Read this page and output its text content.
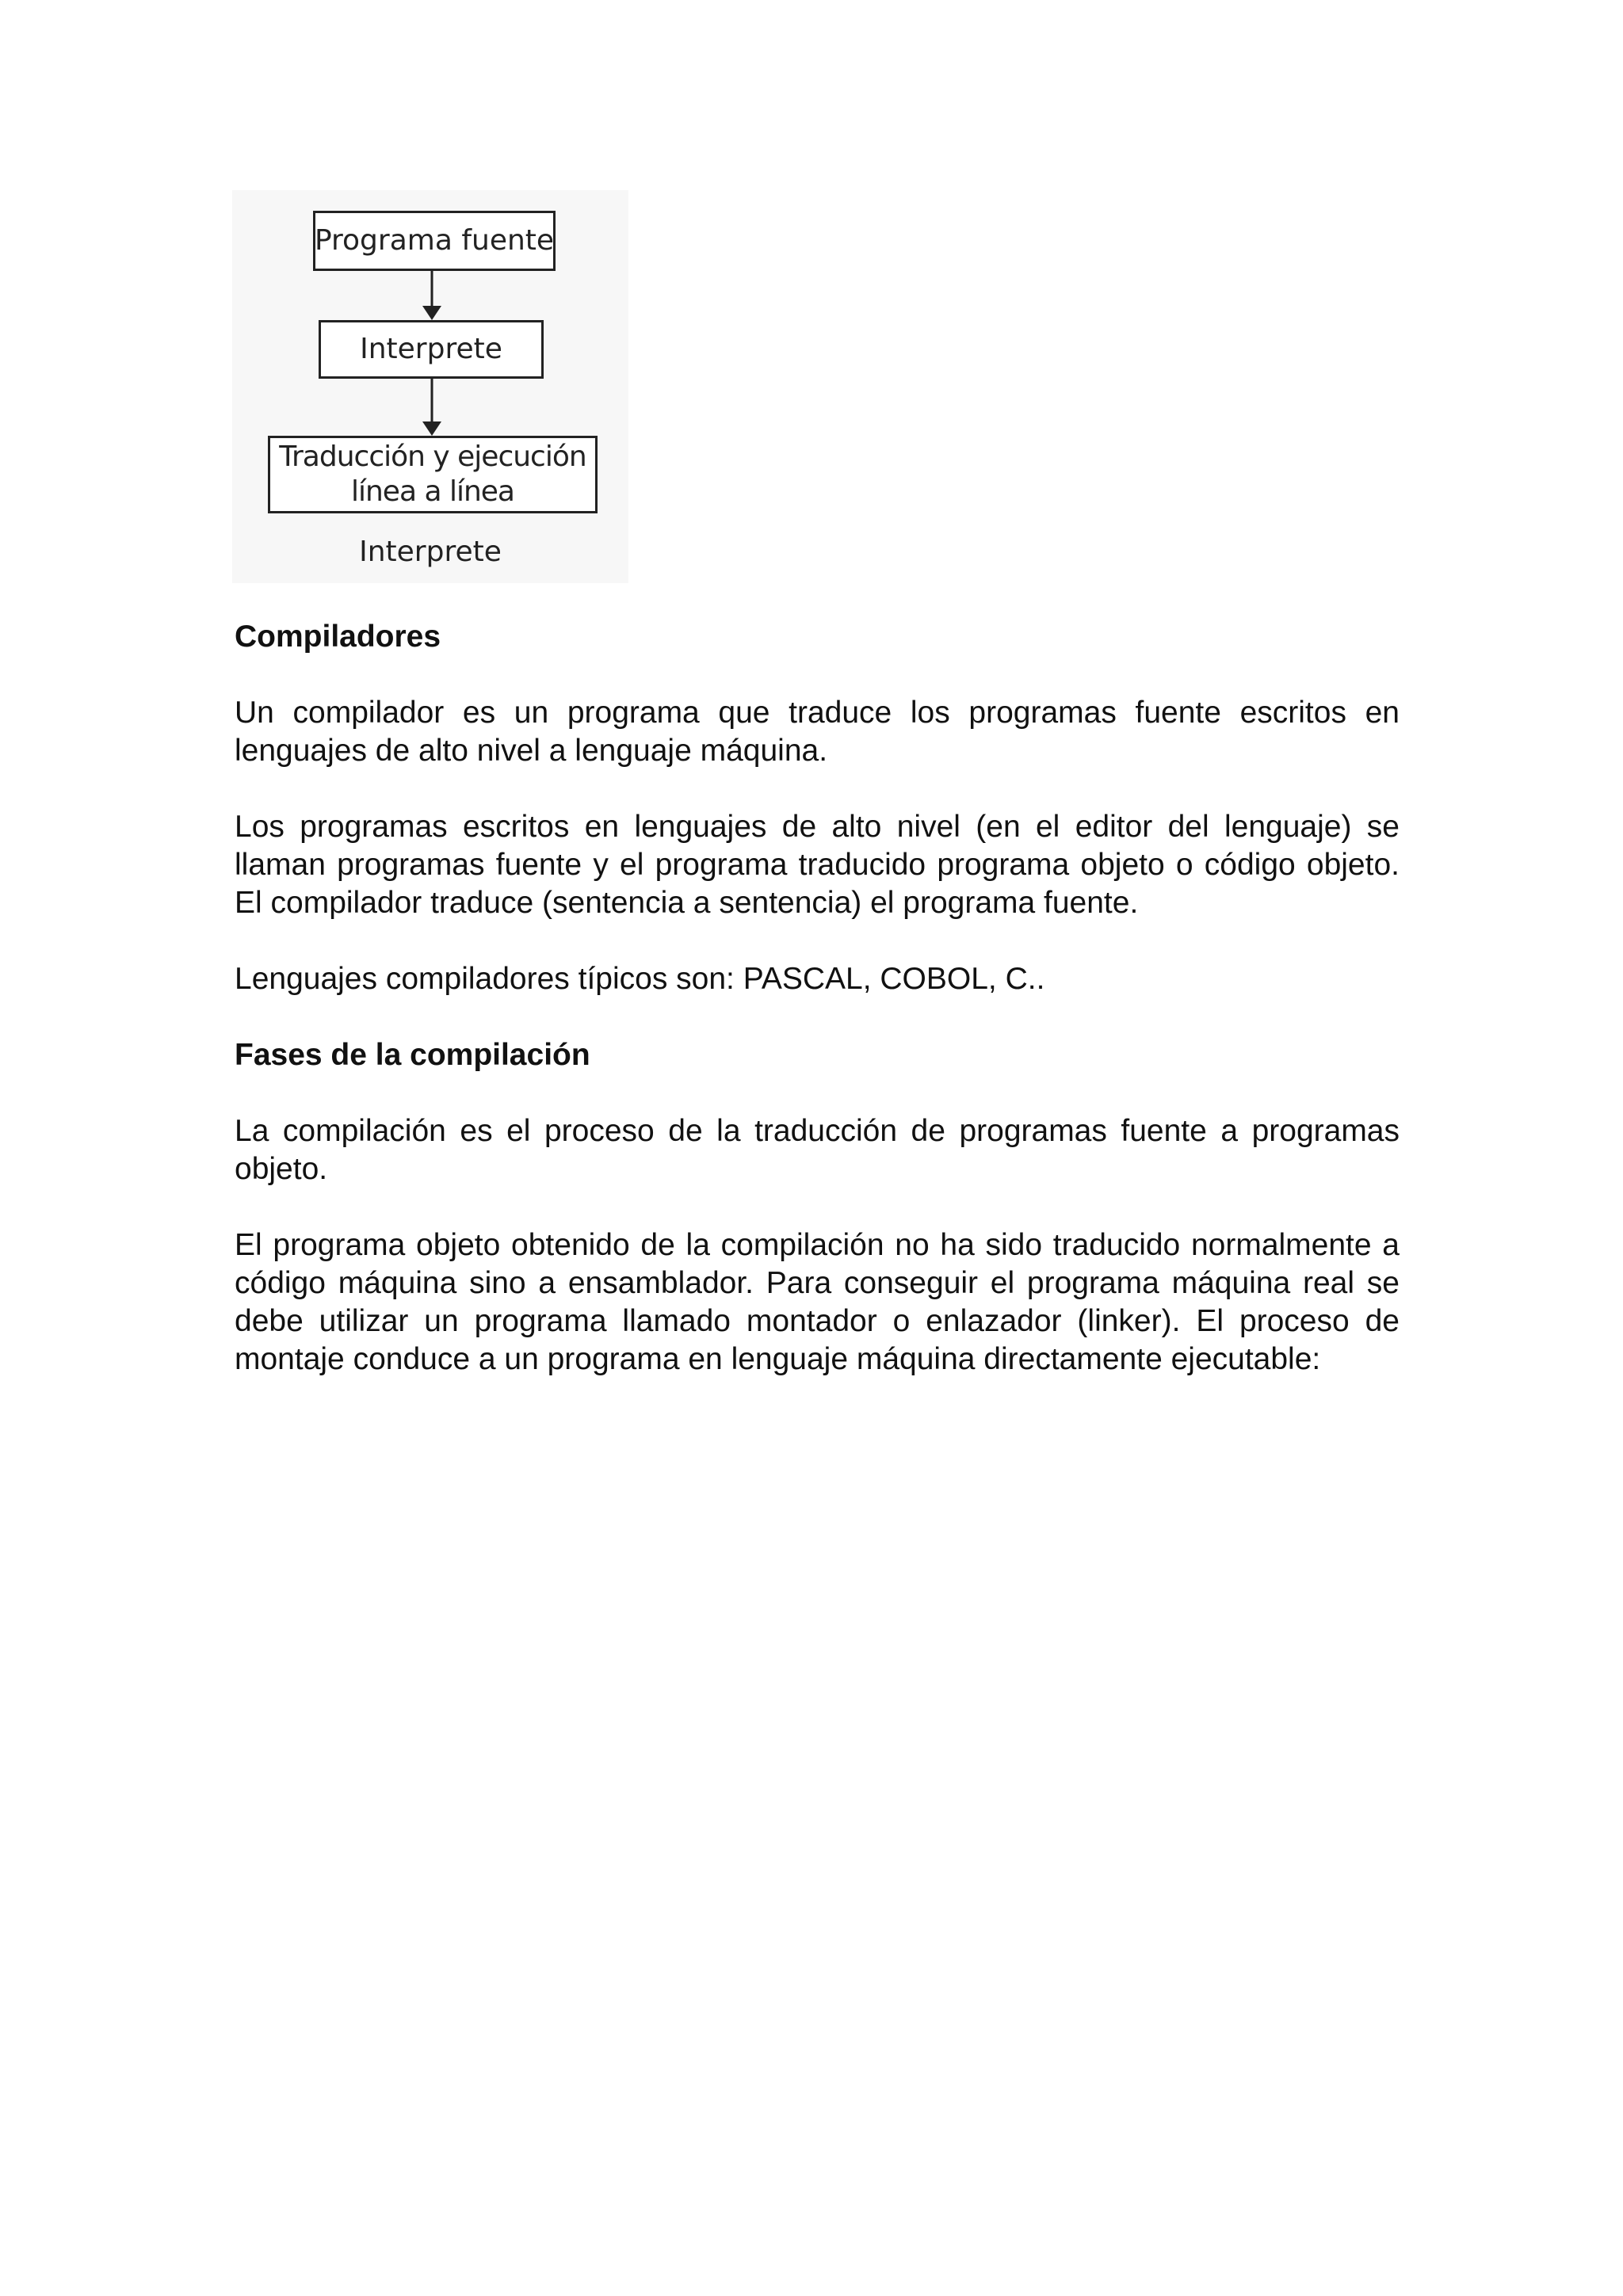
Programa fuente
Interprete
Traducción y ejecución
línea a línea
Interprete
Compiladores

Un compilador es un programa que traduce los programas fuente escritos en lenguajes de alto nivel a lenguaje máquina.

Los programas escritos en lenguajes de alto nivel (en el editor del lenguaje) se llaman programas fuente y el programa traducido programa objeto o código objeto. El compilador traduce (sentencia a sentencia) el programa fuente.

Lenguajes compiladores típicos son: PASCAL, COBOL, C..

Fases de la compilación

La compilación es el proceso de la traducción de programas fuente a programas objeto.

El programa objeto obtenido de la compilación no ha sido traducido normalmente a código máquina sino a ensamblador. Para conseguir el programa máquina real se debe utilizar un programa llamado montador o enlazador (linker). El proceso de montaje conduce a un programa en lenguaje máquina directamente ejecutable:
